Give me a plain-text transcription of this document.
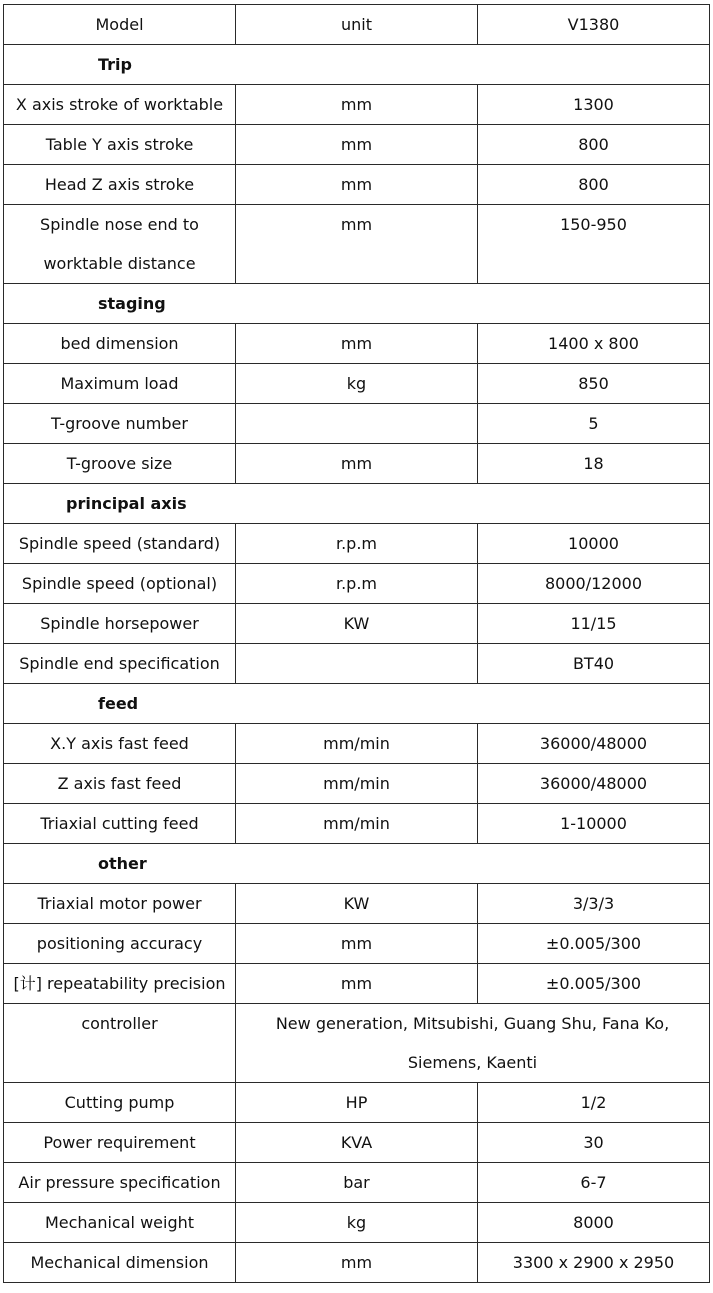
Model	unit	V1380
Trip		
X axis stroke of worktable	mm	1300
Table Y axis stroke	mm	800
Head Z axis stroke	mm	800
Spindle nose end to worktable distance	mm	150-950
staging		
bed dimension	mm	1400 x 800
Maximum load	kg	850
T-groove number		5
T-groove size	mm	18
principal axis		
Spindle speed (standard)	r.p.m	10000
Spindle speed (optional)	r.p.m	8000/12000
Spindle horsepower	KW	11/15
Spindle end specification		BT40
feed		
X.Y axis fast feed	mm/min	36000/48000
Z axis fast feed	mm/min	36000/48000
Triaxial cutting feed	mm/min	1-10000
other		
Triaxial motor power	KW	3/3/3
positioning accuracy	mm	±0.005/300
[计] repeatability precision	mm	±0.005/300
controller	New generation, Mitsubishi, Guang Shu, Fana Ko, Siemens, Kaenti	
Cutting pump	HP	1/2
Power requirement	KVA	30
Air pressure specification	bar	6-7
Mechanical weight	kg	8000
Mechanical dimension	mm	3300 x 2900 x 2950
